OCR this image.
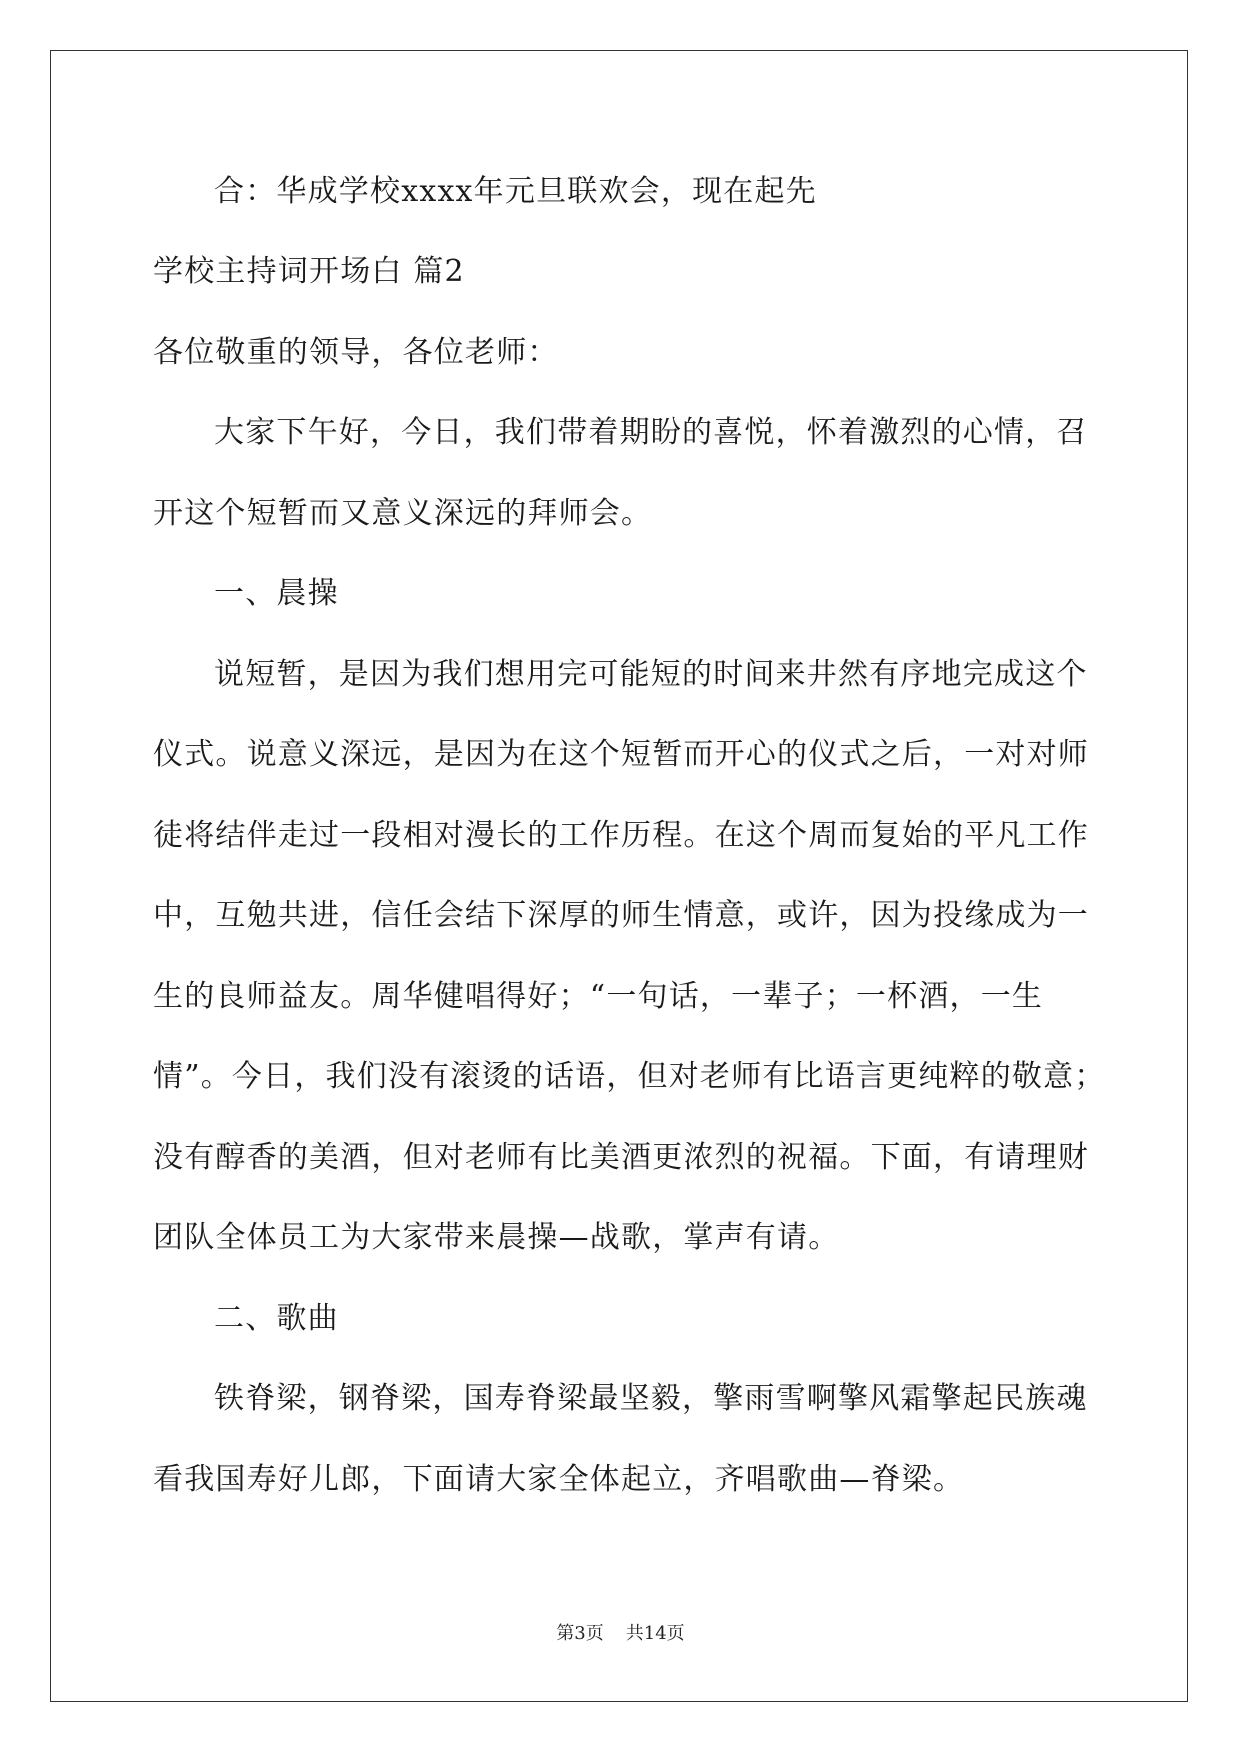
合：华成学校xxxx年元旦联欢会，现在起先
学校主持词开场白 篇2
各位敬重的领导，各位老师：
大家下午好，今日，我们带着期盼的喜悦，怀着激烈的心情，召
开这个短暂而又意义深远的拜师会。
一、晨操
说短暂，是因为我们想用完可能短的时间来井然有序地完成这个
仪式。说意义深远，是因为在这个短暂而开心的仪式之后，一对对师
徒将结伴走过一段相对漫长的工作历程。在这个周而复始的平凡工作
中，互勉共进，信任会结下深厚的师生情意，或许，因为投缘成为一
生的良师益友。周华健唱得好；“一句话，一辈子；一杯酒，一生
情”。今日，我们没有滚烫的话语，但对老师有比语言更纯粹的敬意；
没有醇香的美酒，但对老师有比美酒更浓烈的祝福。下面，有请理财
团队全体员工为大家带来晨操—战歌，掌声有请。
二、歌曲
铁脊梁，钢脊梁，国寿脊梁最坚毅，擎雨雪啊擎风霜擎起民族魂
看我国寿好儿郎，下面请大家全体起立，齐唱歌曲—脊梁。
第3页 共14页
